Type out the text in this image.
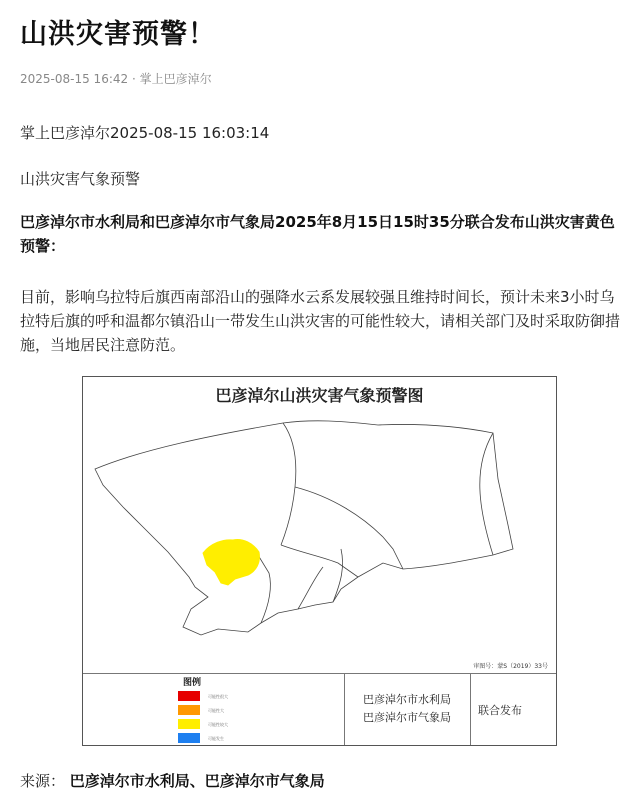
山洪灾害预警！
2025-08-15 16:42 · 掌上巴彦淖尔

掌上巴彦淖尔2025-08-15 16:03:14

山洪灾害气象预警

巴彦淖尔市水利局和巴彦淖尔市气象局2025年8月15日15时35分联合发布山洪灾害黄色预警：

目前，影响乌拉特后旗西南部沿山的强降水云系发展较强且维持时间长，预计未来3小时乌拉特后旗的呼和温都尔镇沿山一带发生山洪灾害的可能性较大，请相关部门及时采取防御措施，当地居民注意防范。

巴彦淖尔山洪灾害气象预警图
审图号：蒙S（2019）33号
图例
可能性很大
可能性大
可能性较大
可能发生
巴彦淖尔市水利局
巴彦淖尔市气象局
联合发布
来源： 巴彦淖尔市水利局、巴彦淖尔市气象局
